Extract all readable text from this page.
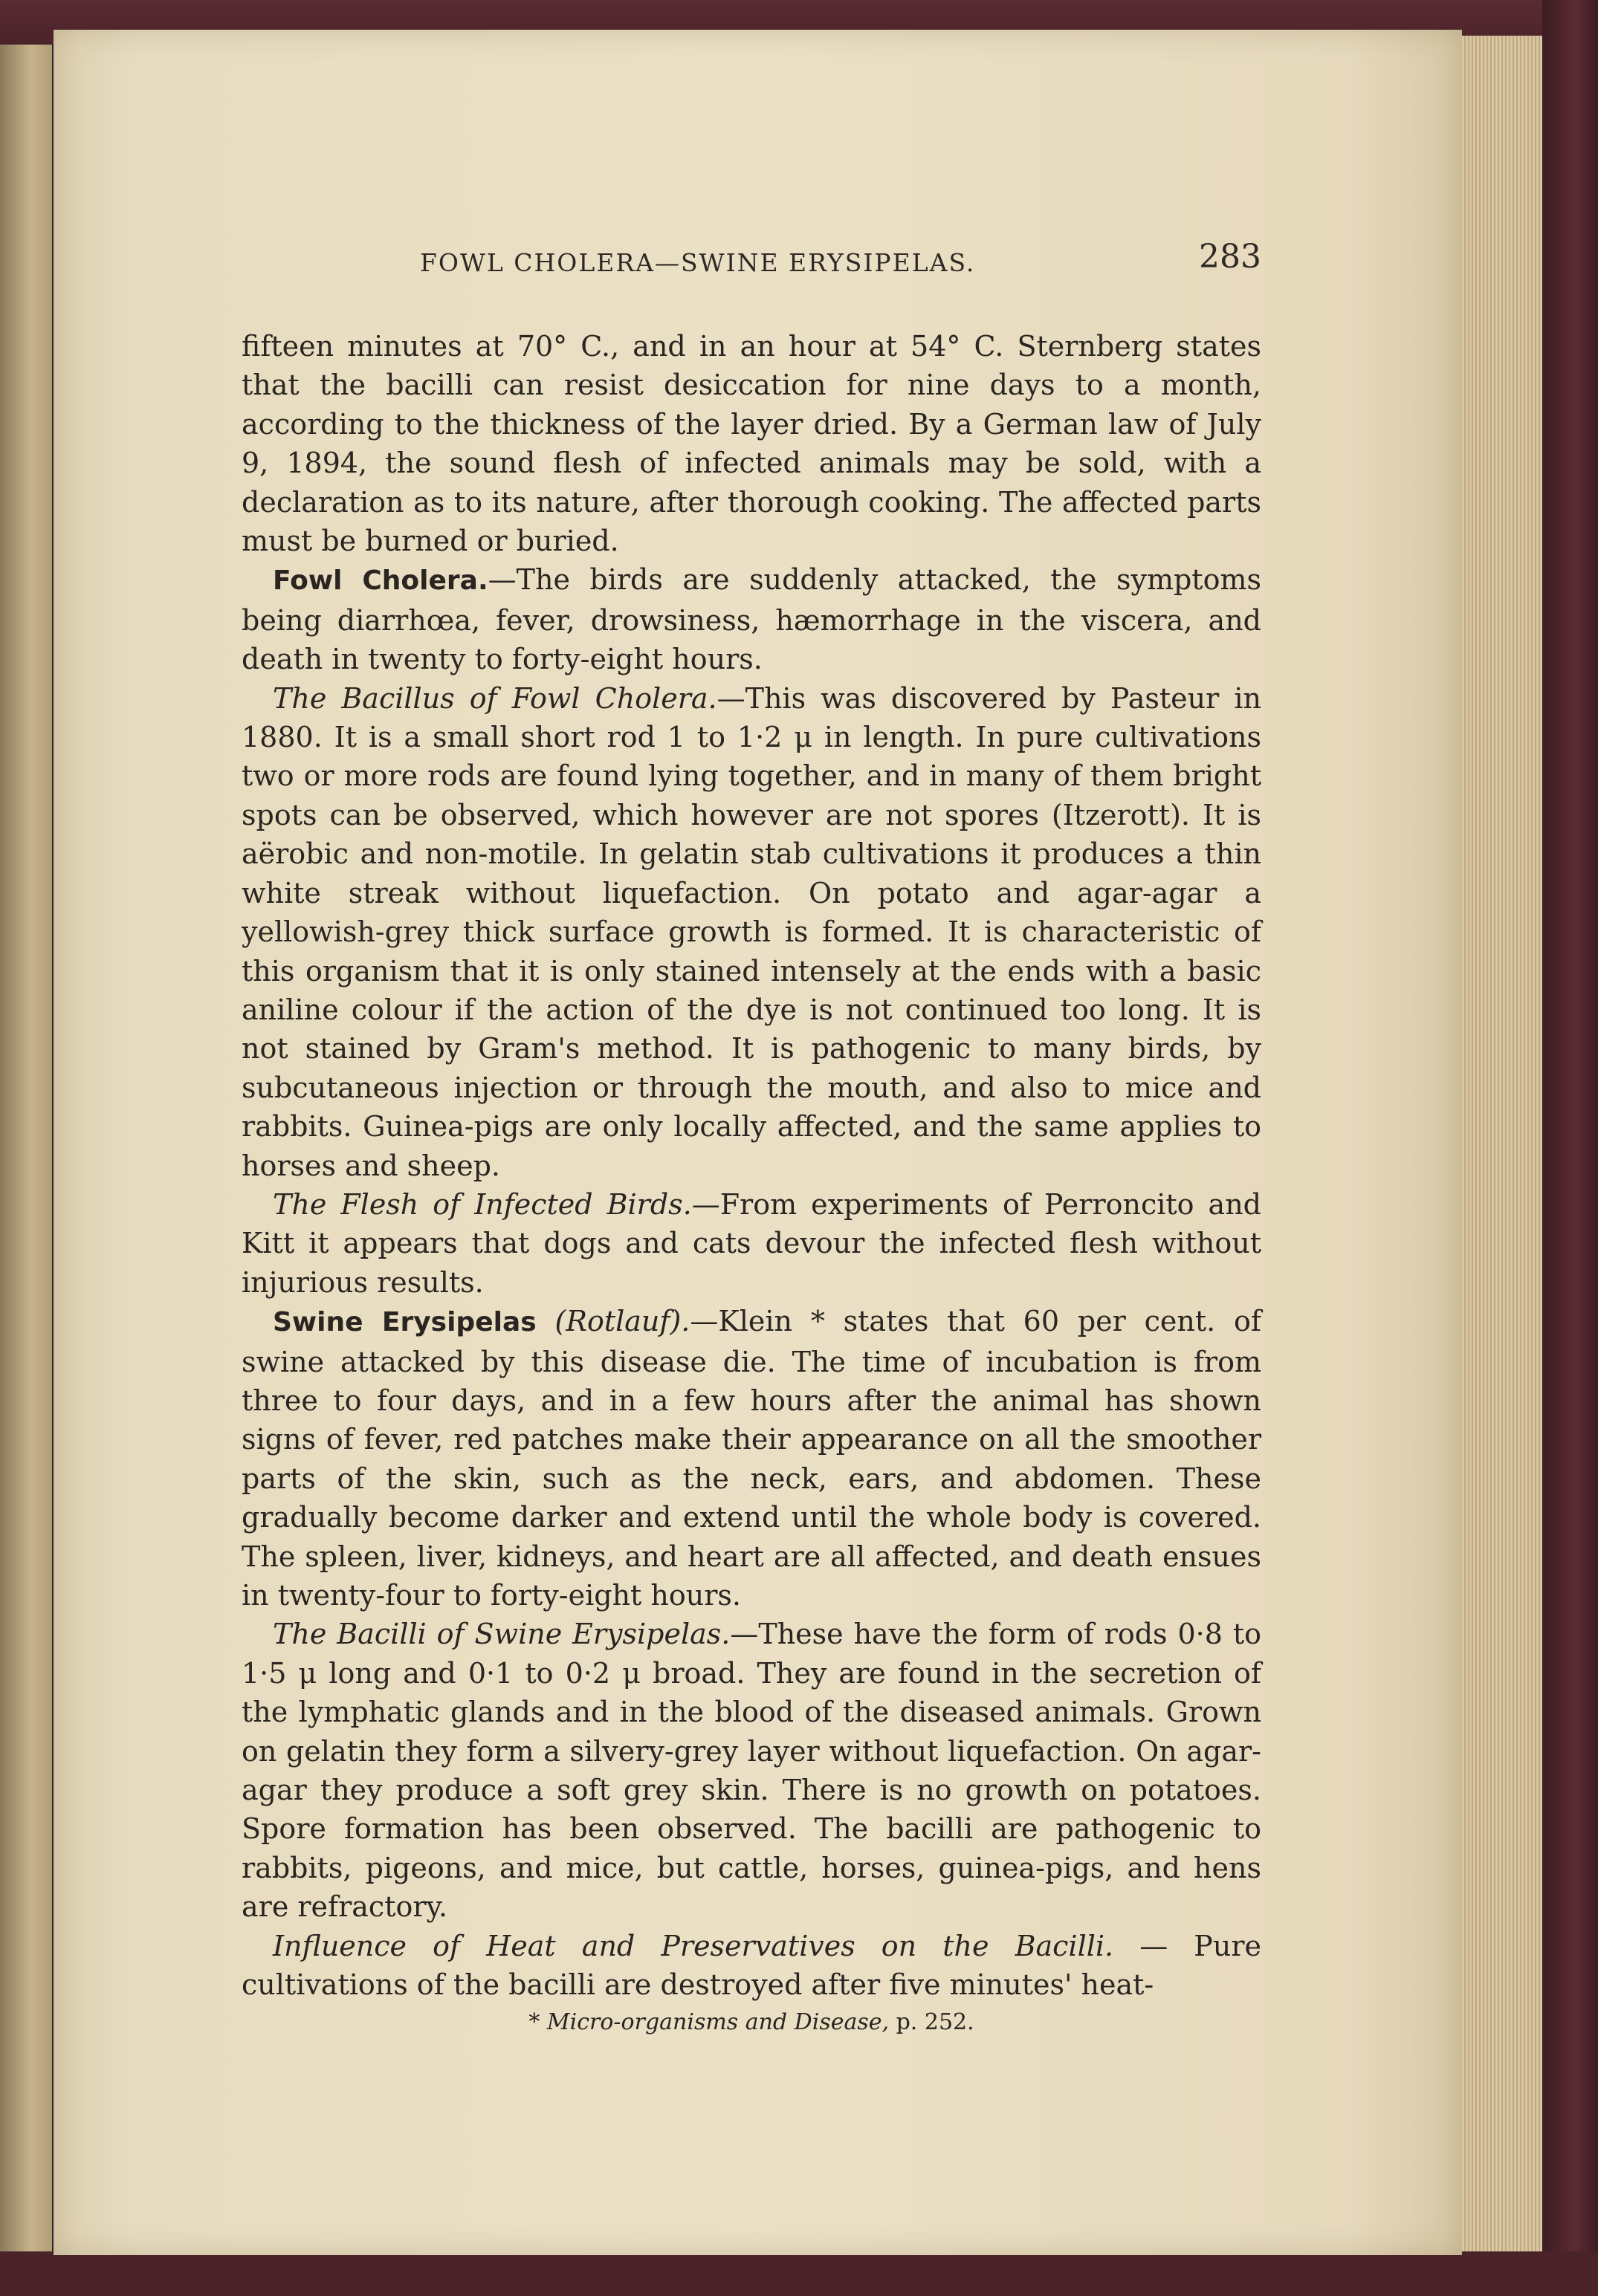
FOWL CHOLERA—SWINE ERYSIPELAS.	283

fifteen minutes at 70° C., and in an hour at 54° C. Sternberg states that the bacilli can resist desiccation for nine days to a month, according to the thickness of the layer dried. By a German law of July 9, 1894, the sound flesh of infected animals may be sold, with a declaration as to its nature, after thorough cooking. The affected parts must be burned or buried.

Fowl Cholera.—The birds are suddenly attacked, the symptoms being diarrhœa, fever, drowsiness, hæmorrhage in the viscera, and death in twenty to forty-eight hours.

The Bacillus of Fowl Cholera.—This was discovered by Pasteur in 1880. It is a small short rod 1 to 1·2 μ in length. In pure cultivations two or more rods are found lying together, and in many of them bright spots can be observed, which however are not spores (Itzerott). It is aërobic and non-motile. In gelatin stab cultivations it produces a thin white streak without liquefaction. On potato and agar-agar a yellowish-grey thick surface growth is formed. It is characteristic of this organism that it is only stained intensely at the ends with a basic aniline colour if the action of the dye is not continued too long. It is not stained by Gram's method. It is pathogenic to many birds, by subcutaneous injection or through the mouth, and also to mice and rabbits. Guinea-pigs are only locally affected, and the same applies to horses and sheep.

The Flesh of Infected Birds.—From experiments of Perroncito and Kitt it appears that dogs and cats devour the infected flesh without injurious results.

Swine Erysipelas (Rotlauf).—Klein * states that 60 per cent. of swine attacked by this disease die. The time of incubation is from three to four days, and in a few hours after the animal has shown signs of fever, red patches make their appearance on all the smoother parts of the skin, such as the neck, ears, and abdomen. These gradually become darker and extend until the whole body is covered. The spleen, liver, kidneys, and heart are all affected, and death ensues in twenty-four to forty-eight hours.

The Bacilli of Swine Erysipelas.—These have the form of rods 0·8 to 1·5 μ long and 0·1 to 0·2 μ broad. They are found in the secretion of the lymphatic glands and in the blood of the diseased animals. Grown on gelatin they form a silvery-grey layer without liquefaction. On agar-agar they produce a soft grey skin. There is no growth on potatoes. Spore formation has been observed. The bacilli are pathogenic to rabbits, pigeons, and mice, but cattle, horses, guinea-pigs, and hens are refractory.

Influence of Heat and Preservatives on the Bacilli. — Pure cultivations of the bacilli are destroyed after five minutes' heat-

* Micro-organisms and Disease, p. 252.
